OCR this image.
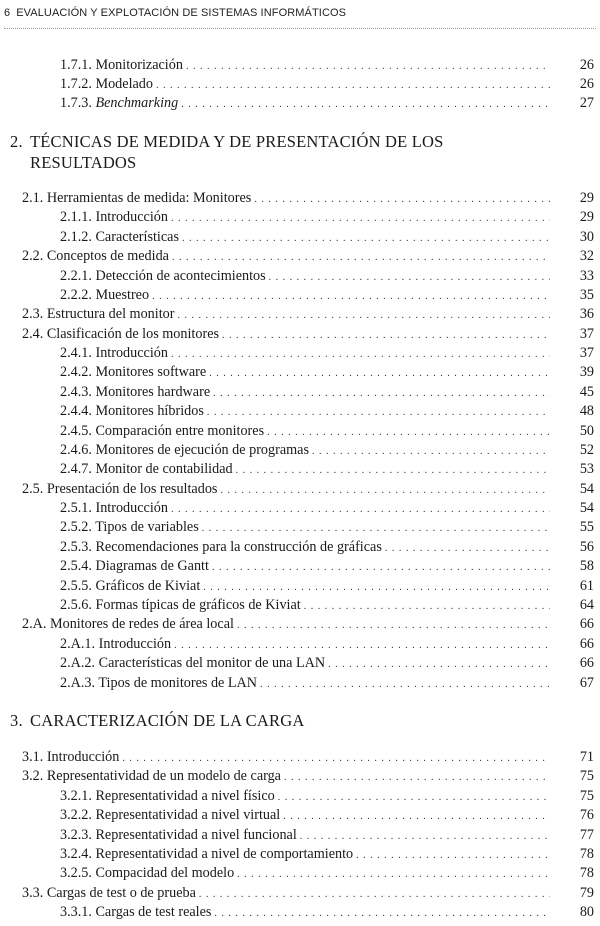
6 EVALUACIÓN Y EXPLOTACIÓN DE SISTEMAS INFORMÁTICOS
1.7.1. Monitorización . . .	26
1.7.2. Modelado . . .	26
1.7.3. Benchmarking . . .	27
2. TÉCNICAS DE MEDIDA Y DE PRESENTACIÓN DE LOS
RESULTADOS
2.1. Herramientas de medida: Monitores . . .	29
2.1.1. Introducción . . .	29
2.1.2. Características . . .	30
2.2. Conceptos de medida . . .	32
2.2.1. Detección de acontecimientos . . .	33
2.2.2. Muestreo . . .	35
2.3. Estructura del monitor . . .	36
2.4. Clasificación de los monitores . . .	37
2.4.1. Introducción . . .	37
2.4.2. Monitores software . . .	39
2.4.3. Monitores hardware . . .	45
2.4.4. Monitores híbridos . . .	48
2.4.5. Comparación entre monitores . . .	50
2.4.6. Monitores de ejecución de programas . . .	52
2.4.7. Monitor de contabilidad . . .	53
2.5. Presentación de los resultados . . .	54
2.5.1. Introducción . . .	54
2.5.2. Tipos de variables . . .	55
2.5.3. Recomendaciones para la construcción de gráficas . . .	56
2.5.4. Diagramas de Gantt . . .	58
2.5.5. Gráficos de Kiviat . . .	61
2.5.6. Formas típicas de gráficos de Kiviat . . .	64
2.A. Monitores de redes de área local . . .	66
2.A.1. Introducción . . .	66
2.A.2. Características del monitor de una LAN . . .	66
2.A.3. Tipos de monitores de LAN . . .	67
3. CARACTERIZACIÓN DE LA CARGA
3.1. Introducción . . .	71
3.2. Representatividad de un modelo de carga . . .	75
3.2.1. Representatividad a nivel físico . . .	75
3.2.2. Representatividad a nivel virtual . . .	76
3.2.3. Representatividad a nivel funcional . . .	77
3.2.4. Representatividad a nivel de comportamiento . . .	78
3.2.5. Compacidad del modelo . . .	78
3.3. Cargas de test o de prueba . . .	79
3.3.1. Cargas de test reales . . .	80
